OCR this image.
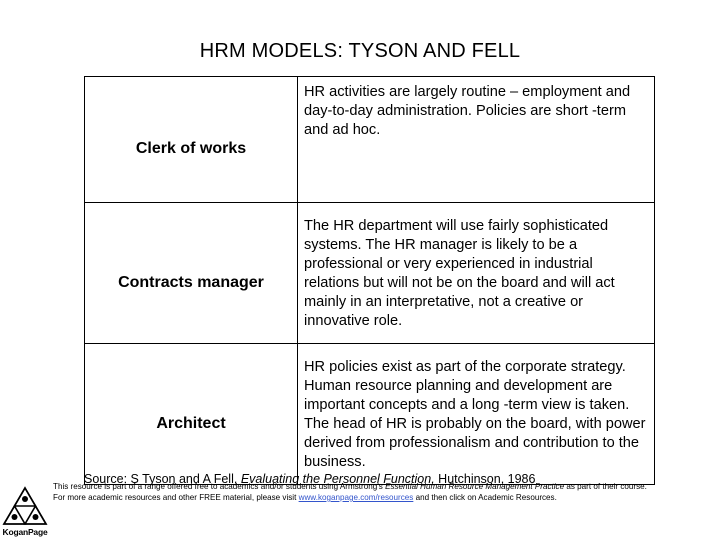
HRM MODELS: TYSON AND FELL
Clerk of works	HR activities are largely routine – employment and day-to-day administration. Policies are short -term and ad hoc.
Contracts manager	The HR department will use fairly sophisticated systems. The HR manager is likely to be a professional or very experienced in industrial relations but will not be on the board and will act mainly in an interpretative, not a creative or innovative role.
Architect	HR policies exist as part of the corporate strategy. Human resource planning and development are important concepts and a long -term view is taken. The head of HR is probably on the board, with power derived from professionalism and contribution to the business.
Source: S Tyson and A Fell, Evaluating the Personnel Function, Hutchinson, 1986
KoganPage
This resource is part of a range offered free to academics and/or students using Armstrong's Essential Human Resource Management Practice as part of their course.
For more academic resources and other FREE material, please visit www.koganpage.com/resources and then click on Academic Resources.
